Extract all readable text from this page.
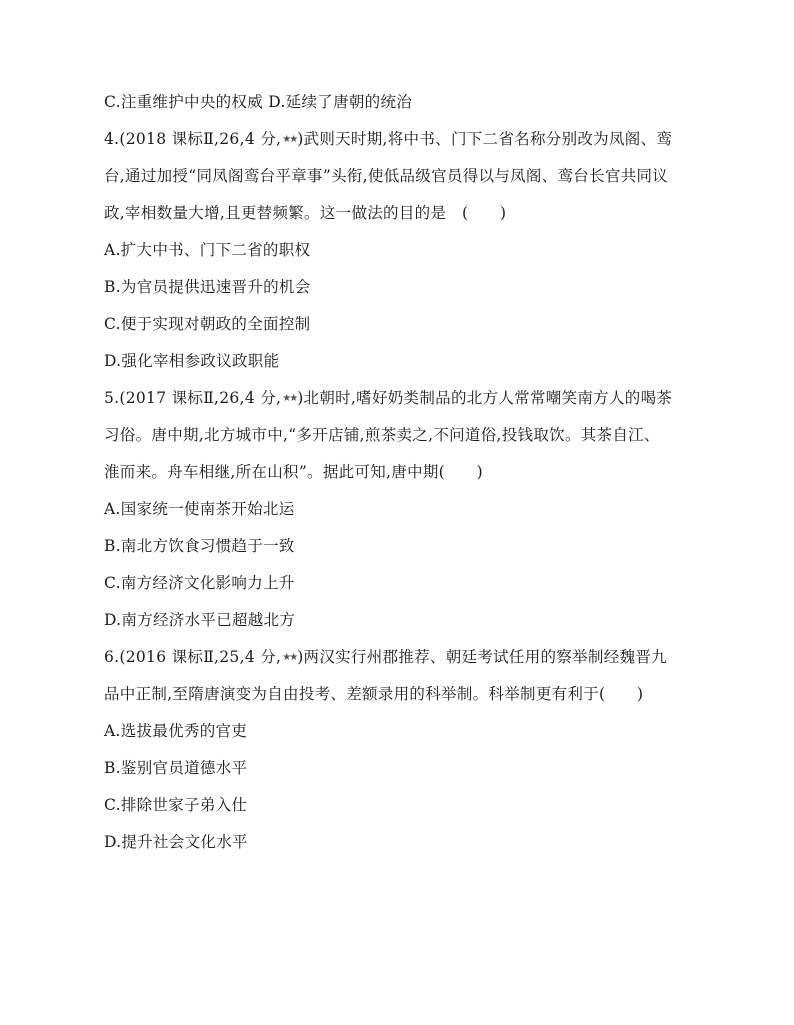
C.注重维护中央的权威 D.延续了唐朝的统治
4.(2018 课标Ⅱ,26,4 分,★★)武则天时期,将中书、门下二省名称分别改为凤阁、鸾
台,通过加授“同凤阁鸾台平章事”头衔,使低品级官员得以与凤阁、鸾台长官共同议
政,宰相数量大增,且更替频繁。这一做法的目的是　(　　)
A.扩大中书、门下二省的职权
B.为官员提供迅速晋升的机会
C.便于实现对朝政的全面控制
D.强化宰相参政议政职能
5.(2017 课标Ⅱ,26,4 分,★★)北朝时,嗜好奶类制品的北方人常常嘲笑南方人的喝茶
习俗。唐中期,北方城市中,“多开店铺,煎茶卖之,不问道俗,投钱取饮。其茶自江、
淮而来。舟车相继,所在山积”。据此可知,唐中期(　　)
A.国家统一使南茶开始北运
B.南北方饮食习惯趋于一致
C.南方经济文化影响力上升
D.南方经济水平已超越北方
6.(2016 课标Ⅱ,25,4 分,★★)两汉实行州郡推荐、朝廷考试任用的察举制经魏晋九
品中正制,至隋唐演变为自由投考、差额录用的科举制。科举制更有利于(　　)
A.选拔最优秀的官吏
B.鉴别官员道德水平
C.排除世家子弟入仕
D.提升社会文化水平
